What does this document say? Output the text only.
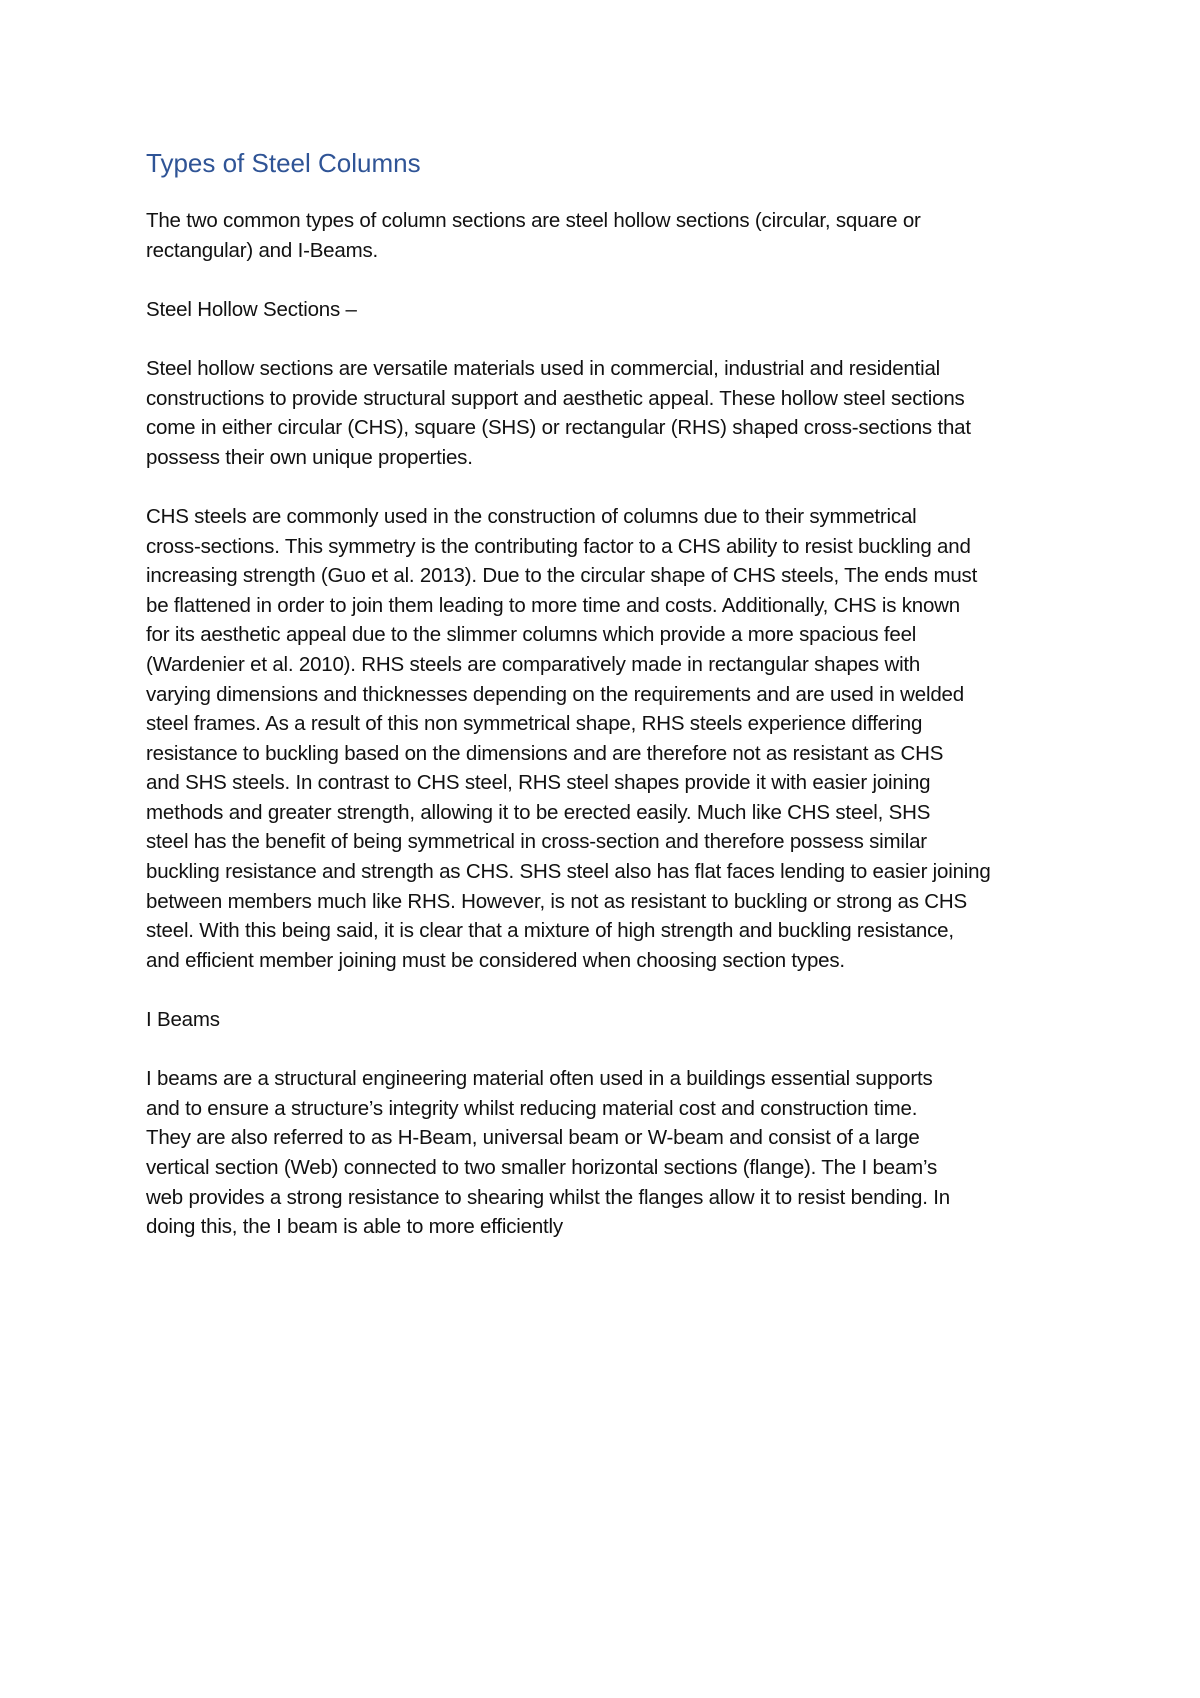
Types of Steel Columns

The two common types of column sections are steel hollow sections (circular, square or
rectangular) and I-Beams.

Steel Hollow Sections –

Steel hollow sections are versatile materials used in commercial, industrial and residential
constructions to provide structural support and aesthetic appeal. These hollow steel sections
come in either circular (CHS), square (SHS) or rectangular (RHS) shaped cross-sections that
possess their own unique properties.

CHS steels are commonly used in the construction of columns due to their symmetrical
cross-sections. This symmetry is the contributing factor to a CHS ability to resist buckling and
increasing strength (Guo et al. 2013). Due to the circular shape of CHS steels, The ends must
be flattened in order to join them leading to more time and costs. Additionally, CHS is known
for its aesthetic appeal due to the slimmer columns which provide a more spacious feel
(Wardenier et al. 2010). RHS steels are comparatively made in rectangular shapes with
varying dimensions and thicknesses depending on the requirements and are used in welded
steel frames. As a result of this non symmetrical shape, RHS steels experience differing
resistance to buckling based on the dimensions and are therefore not as resistant as CHS
and SHS steels. In contrast to CHS steel, RHS steel shapes provide it with easier joining
methods and greater strength, allowing it to be erected easily. Much like CHS steel, SHS
steel has the benefit of being symmetrical in cross-section and therefore possess similar
buckling resistance and strength as CHS. SHS steel also has flat faces lending to easier joining
between members much like RHS. However, is not as resistant to buckling or strong as CHS
steel. With this being said, it is clear that a mixture of high strength and buckling resistance,
and efficient member joining must be considered when choosing section types.

I Beams

I beams are a structural engineering material often used in a buildings essential supports
and to ensure a structure’s integrity whilst reducing material cost and construction time.
They are also referred to as H-Beam, universal beam or W-beam and consist of a large
vertical section (Web) connected to two smaller horizontal sections (flange). The I beam’s
web provides a strong resistance to shearing whilst the flanges allow it to resist bending. In
doing this, the I beam is able to more efficiently
